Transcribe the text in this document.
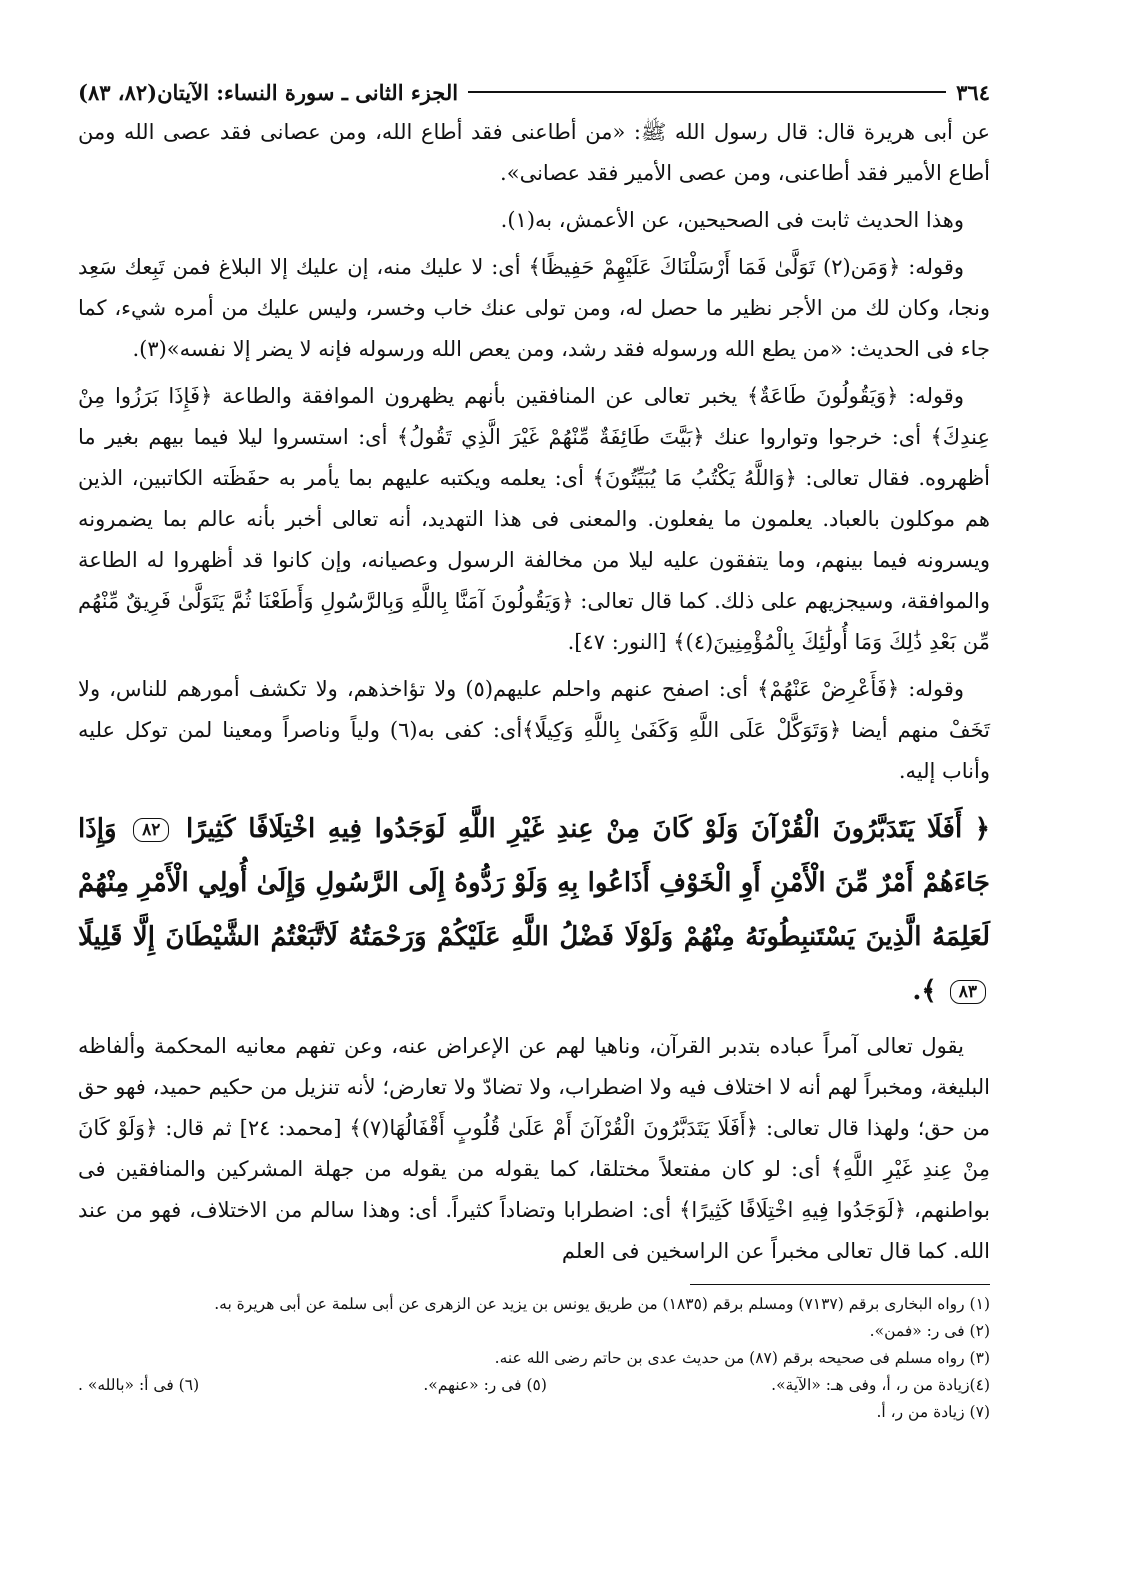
٣٦٤
الجزء الثانى ـ سورة النساء: الآيتان(٨٢، ٨٣)

عن أبى هريرة قال: قال رسول الله ﷺ: «من أطاعنى فقد أطاع الله، ومن عصانى فقد عصى الله ومن أطاع الأمير فقد أطاعنى، ومن عصى الأمير فقد عصانى».

وهذا الحديث ثابت فى الصحيحين، عن الأعمش، به(١).

وقوله: ﴿وَمَن(٢) تَوَلَّىٰ فَمَا أَرْسَلْنَاكَ عَلَيْهِمْ حَفِيظًا﴾ أى: لا عليك منه، إن عليك إلا البلاغ فمن تَبِعك سَعِد ونجا، وكان لك من الأجر نظير ما حصل له، ومن تولى عنك خاب وخسر، وليس عليك من أمره شيء، كما جاء فى الحديث: «من يطع الله ورسوله فقد رشد، ومن يعص الله ورسوله فإنه لا يضر إلا نفسه»(٣).

وقوله: ﴿وَيَقُولُونَ طَاعَةٌ﴾ يخبر تعالى عن المنافقين بأنهم يظهرون الموافقة والطاعة ﴿فَإِذَا بَرَزُوا مِنْ عِندِكَ﴾ أى: خرجوا وتواروا عنك ﴿بَيَّتَ طَائِفَةٌ مِّنْهُمْ غَيْرَ الَّذِي تَقُولُ﴾ أى: استسروا ليلا فيما بيهم بغير ما أظهروه. فقال تعالى: ﴿وَاللَّهُ يَكْتُبُ مَا يُبَيِّتُونَ﴾ أى: يعلمه ويكتبه عليهم بما يأمر به حفَظَته الكاتبين، الذين هم موكلون بالعباد. يعلمون ما يفعلون. والمعنى فى هذا التهديد، أنه تعالى أخبر بأنه عالم بما يضمرونه ويسرونه فيما بينهم، وما يتفقون عليه ليلا من مخالفة الرسول وعصيانه، وإن كانوا قد أظهروا له الطاعة والموافقة، وسيجزيهم على ذلك. كما قال تعالى: ﴿وَيَقُولُونَ آمَنَّا بِاللَّهِ وَبِالرَّسُولِ وَأَطَعْنَا ثُمَّ يَتَوَلَّىٰ فَرِيقٌ مِّنْهُم مِّن بَعْدِ ذَٰلِكَ وَمَا أُولَٰئِكَ بِالْمُؤْمِنِينَ(٤)﴾ [النور: ٤٧].

وقوله: ﴿فَأَعْرِضْ عَنْهُمْ﴾ أى: اصفح عنهم واحلم عليهم(٥) ولا تؤاخذهم، ولا تكشف أمورهم للناس، ولا تَخَفْ منهم أيضا ﴿وَتَوَكَّلْ عَلَى اللَّهِ وَكَفَىٰ بِاللَّهِ وَكِيلًا﴾أى: كفى به(٦) ولياً وناصراً ومعينا لمن توكل عليه وأناب إليه.

﴿ أَفَلَا يَتَدَبَّرُونَ الْقُرْآنَ وَلَوْ كَانَ مِنْ عِندِ غَيْرِ اللَّهِ لَوَجَدُوا فِيهِ اخْتِلَافًا كَثِيرًا ٨٢ وَإِذَا جَاءَهُمْ أَمْرٌ مِّنَ الْأَمْنِ أَوِ الْخَوْفِ أَذَاعُوا بِهِ وَلَوْ رَدُّوهُ إِلَى الرَّسُولِ وَإِلَىٰ أُولِي الْأَمْرِ مِنْهُمْ لَعَلِمَهُ الَّذِينَ يَسْتَنبِطُونَهُ مِنْهُمْ وَلَوْلَا فَضْلُ اللَّهِ عَلَيْكُمْ وَرَحْمَتُهُ لَاتَّبَعْتُمُ الشَّيْطَانَ إِلَّا قَلِيلًا ٨٣ ﴾.

يقول تعالى آمراً عباده بتدبر القرآن، وناهيا لهم عن الإعراض عنه، وعن تفهم معانيه المحكمة وألفاظه البليغة، ومخبراً لهم أنه لا اختلاف فيه ولا اضطراب، ولا تضادّ ولا تعارض؛ لأنه تنزيل من حكيم حميد، فهو حق من حق؛ ولهذا قال تعالى: ﴿أَفَلَا يَتَدَبَّرُونَ الْقُرْآنَ أَمْ عَلَىٰ قُلُوبٍ أَقْفَالُهَا(٧)﴾ [محمد: ٢٤] ثم قال: ﴿وَلَوْ كَانَ مِنْ عِندِ غَيْرِ اللَّهِ﴾ أى: لو كان مفتعلاً مختلقا، كما يقوله من يقوله من جهلة المشركين والمنافقين فى بواطنهم، ﴿لَوَجَدُوا فِيهِ اخْتِلَافًا كَثِيرًا﴾ أى: اضطرابا وتضاداً كثيراً. أى: وهذا سالم من الاختلاف، فهو من عند الله. كما قال تعالى مخبراً عن الراسخين فى العلم

(١) رواه البخارى برقم (٧١٣٧) ومسلم برقم (١٨٣٥) من طريق يونس بن يزيد عن الزهرى عن أبى سلمة عن أبى هريرة به.

(٢) فى ر: «فمن».

(٣) رواه مسلم فى صحيحه برقم (٨٧) من حديث عدى بن حاتم رضى الله عنه.

(٤)زيادة من ر، أ، وفى هـ: «الآية».
(٥) فى ر: «عنهم».
(٦) فى أ: «بالله» .

(٧) زيادة من ر، أ.
